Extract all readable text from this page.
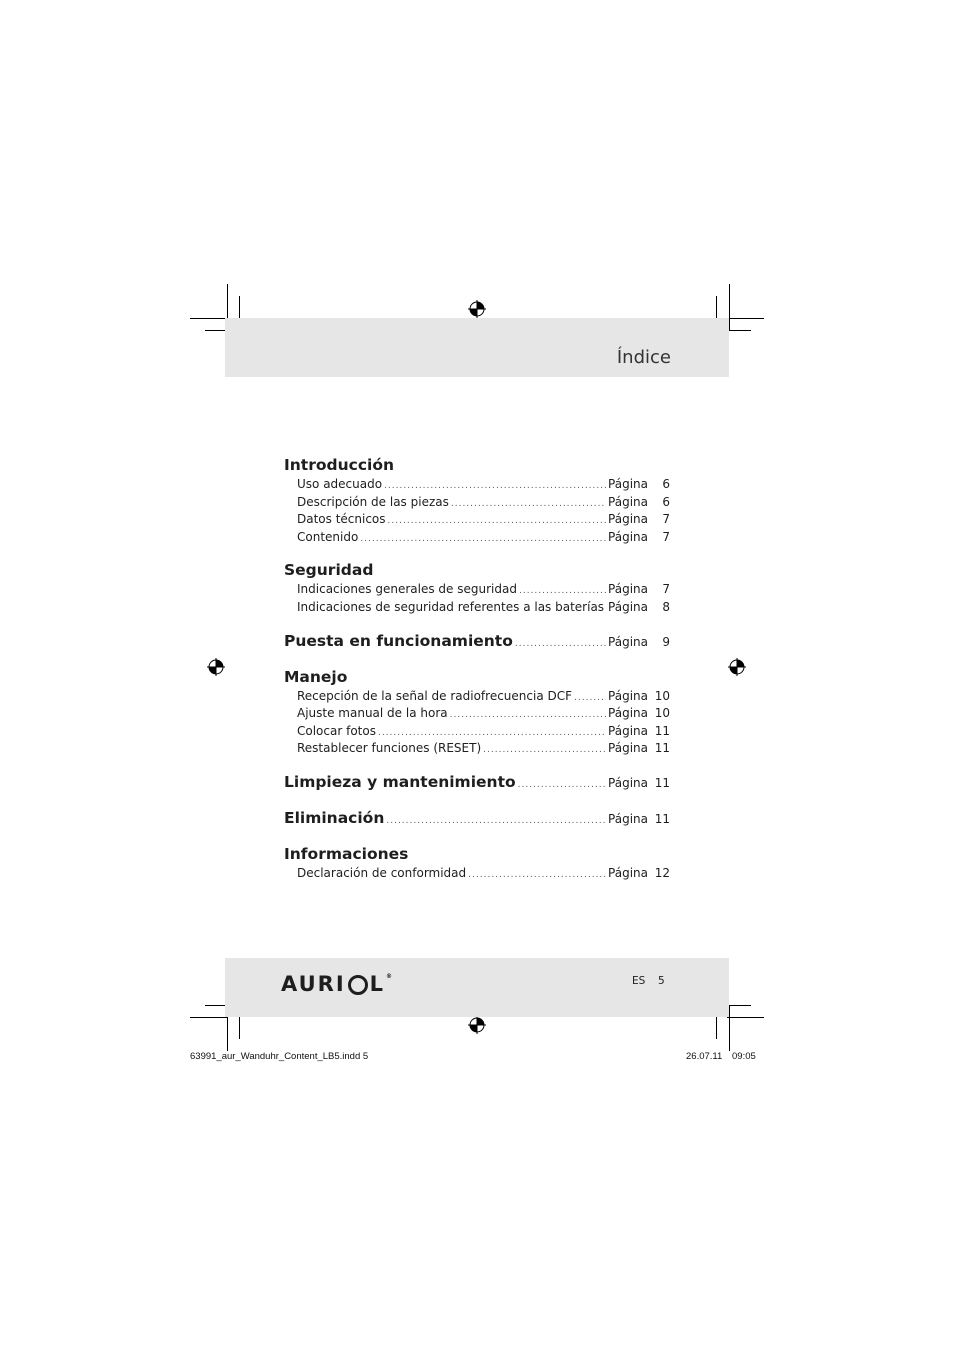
Índice
Introducción
Uso adecuado .....	Página 6
Descripción de las piezas .....	Página 6
Datos técnicos .....	Página 7
Contenido .....	Página 7
Seguridad
Indicaciones generales de seguridad .....	Página 7
Indicaciones de seguridad referentes a las baterías Página 8
Puesta en funcionamiento .....	Página 9
Manejo
Recepción de la señal de radiofrecuencia DCF .....	Página 10
Ajuste manual de la hora .....	Página 10
Colocar fotos .....	Página 11
Restablecer funciones (RESET) .....	Página 11
Limpieza y mantenimiento .....	Página 11
Eliminación .....	Página 11
Informaciones
Declaración de conformidad .....	Página 12
AURI L ®	ES 5
63991_aur_Wanduhr_Content_LB5.indd 5	26.07.11 09:05
